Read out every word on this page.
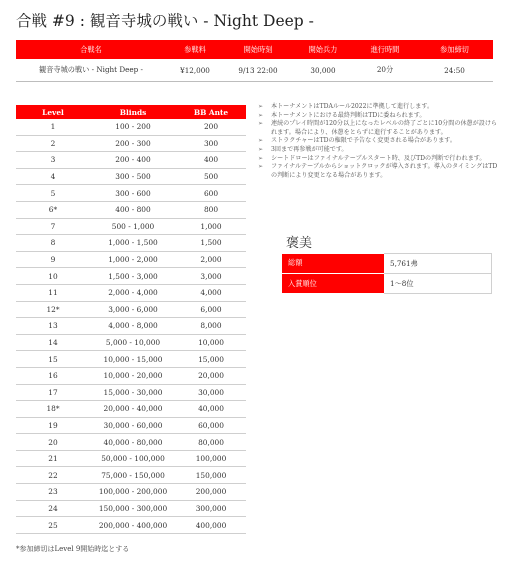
合戦 #9 : 観音寺城の戦い - Night Deep -
合戦名	参戦料	開始時刻	開始兵力	進行時間	参加締切
観音寺城の戦い - Night Deep -	¥12,000	9/13 22:00	30,000	20分	24:50
Level	Blinds	BB Ante
1	100 - 200	200
2	200 - 300	300
3	200 - 400	400
4	300 - 500	500
5	300 - 600	600
6*	400 - 800	800
7	500 - 1,000	1,000
8	1,000 - 1,500	1,500
9	1,000 - 2,000	2,000
10	1,500 - 3,000	3,000
11	2,000 - 4,000	4,000
12*	3,000 - 6,000	6,000
13	4,000 - 8,000	8,000
14	5,000 - 10,000	10,000
15	10,000 - 15,000	15,000
16	10,000 - 20,000	20,000
17	15,000 - 30,000	30,000
18*	20,000 - 40,000	40,000
19	30,000 - 60,000	60,000
20	40,000 - 80,000	80,000
21	50,000 - 100,000	100,000
22	75,000 - 150,000	150,000
23	100,000 - 200,000	200,000
24	150,000 - 300,000	300,000
25	200,000 - 400,000	400,000
*参加締切はLevel 9開始時迄とする
➢ 本トーナメントはTDAルール2022に準拠して進行します。
➢ 本トーナメントにおける最終判断はTDに委ねられます。
➢ 連続のプレイ時間が120分以上になったレベルの終了ごとに10分間の休憩が設けられます。場合により、休憩をとらずに進行することがあります。
➢ ストラクチャーはTDの権限で予告なく変更される場合があります。
➢ 3回まで再参戦が可能です。
➢ シートドローはファイナルテーブルスタート時、及びTDの判断で行われます。
➢ ファイナルテーブルからショットクロックが導入されます。導入のタイミングはTDの判断により変更となる場合があります。
褒美
総額	5,761弗
入賞順位	1～8位
